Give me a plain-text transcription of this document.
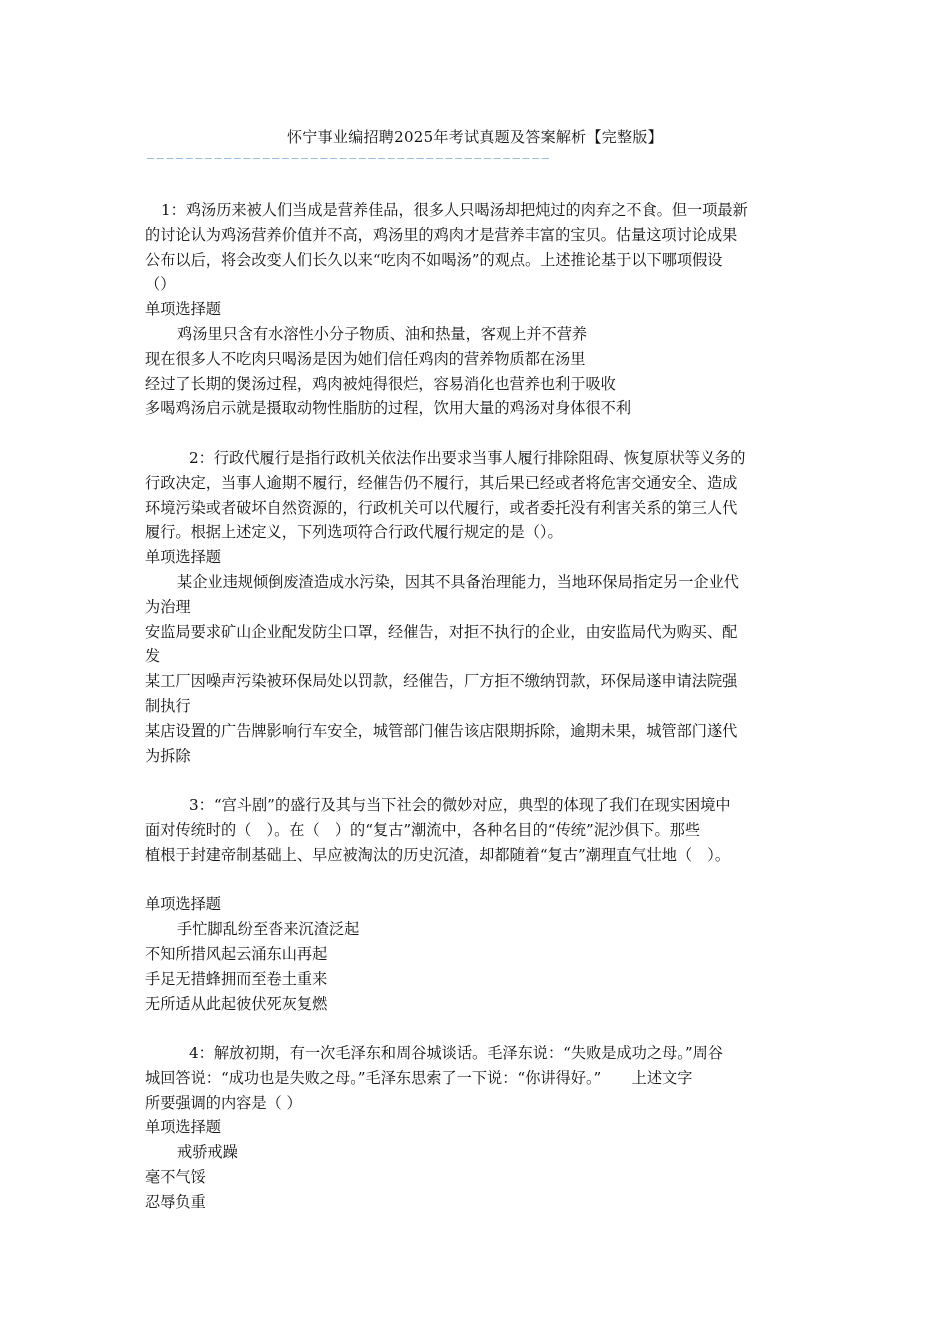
怀宁事业编招聘2025年考试真题及答案解析【完整版】
——————————————————————————————————————————

1：鸡汤历来被人们当成是营养佳品，很多人只喝汤却把炖过的肉弃之不食。但一项最新

的讨论认为鸡汤营养价值并不高，鸡汤里的鸡肉才是营养丰富的宝贝。估量这项讨论成果

公布以后，将会改变人们长久以来“吃肉不如喝汤”的观点。上述推论基于以下哪项假设

（）

单项选择题

鸡汤里只含有水溶性小分子物质、油和热量，客观上并不营养

现在很多人不吃肉只喝汤是因为她们信任鸡肉的营养物质都在汤里

经过了长期的煲汤过程，鸡肉被炖得很烂，容易消化也营养也利于吸收

多喝鸡汤启示就是摄取动物性脂肪的过程，饮用大量的鸡汤对身体很不利

2：行政代履行是指行政机关依法作出要求当事人履行排除阻碍、恢复原状等义务的

行政决定，当事人逾期不履行，经催告仍不履行，其后果已经或者将危害交通安全、造成

环境污染或者破坏自然资源的，行政机关可以代履行，或者委托没有利害关系的第三人代

履行。根据上述定义，下列选项符合行政代履行规定的是（）。

单项选择题

某企业违规倾倒废渣造成水污染，因其不具备治理能力，当地环保局指定另一企业代

为治理

安监局要求矿山企业配发防尘口罩，经催告，对拒不执行的企业，由安监局代为购买、配

发

某工厂因噪声污染被环保局处以罚款，经催告，厂方拒不缴纳罚款，环保局遂申请法院强

制执行

某店设置的广告牌影响行车安全，城管部门催告该店限期拆除，逾期未果，城管部门遂代

为拆除

3：“宫斗剧”的盛行及其与当下社会的微妙对应，典型的体现了我们在现实困境中

面对传统时的（　）。在（　）的“复古”潮流中，各种名目的“传统”泥沙俱下。那些

植根于封建帝制基础上、早应被淘汰的历史沉渣，却都随着“复古”潮理直气壮地（　）。

单项选择题

手忙脚乱纷至沓来沉渣泛起

不知所措风起云涌东山再起

手足无措蜂拥而至卷土重来

无所适从此起彼伏死灰复燃

4：解放初期，有一次毛泽东和周谷城谈话。毛泽东说：“失败是成功之母。”周谷

城回答说：“成功也是失败之母。”毛泽东思索了一下说：“你讲得好。”　　上述文字

所要强调的内容是（ ）

单项选择题

戒骄戒躁

毫不气馁

忍辱负重
